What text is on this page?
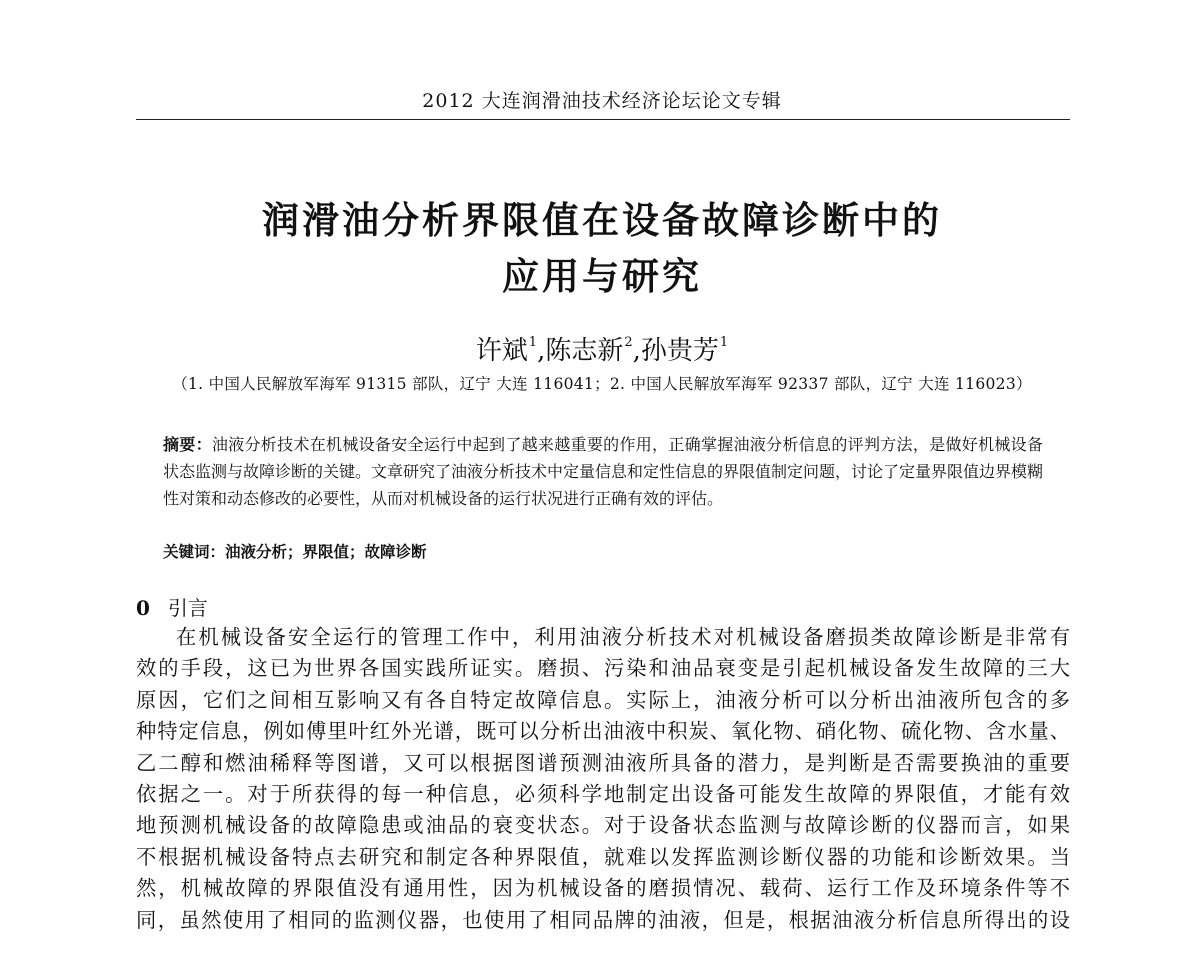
2012 大连润滑油技术经济论坛论文专辑
润滑油分析界限值在设备故障诊断中的
应用与研究
许斌$^1$,陈志新$^2$,孙贵芳$^1$
（1. 中国人民解放军海军 91315 部队，辽宁 大连 116041；2. 中国人民解放军海军 92337 部队，辽宁 大连 116023）
摘要：油液分析技术在机械设备安全运行中起到了越来越重要的作用，正确掌握油液分析信息的评判方法，是做好机械设备状态监测与故障诊断的关键。文章研究了油液分析技术中定量信息和定性信息的界限值制定问题，讨论了定量界限值边界模糊性对策和动态修改的必要性，从而对机械设备的运行状况进行正确有效的评估。
关键词：油液分析；界限值；故障诊断
0 引言
在机械设备安全运行的管理工作中，利用油液分析技术对机械设备磨损类故障诊断是非常有
效的手段，这已为世界各国实践所证实。磨损、污染和油品衰变是引起机械设备发生故障的三大
原因，它们之间相互影响又有各自特定故障信息。实际上，油液分析可以分析出油液所包含的多
种特定信息，例如傅里叶红外光谱，既可以分析出油液中积炭、氧化物、硝化物、硫化物、含水量、
乙二醇和燃油稀释等图谱，又可以根据图谱预测油液所具备的潜力，是判断是否需要换油的重要
依据之一。对于所获得的每一种信息，必须科学地制定出设备可能发生故障的界限值，才能有效
地预测机械设备的故障隐患或油品的衰变状态。对于设备状态监测与故障诊断的仪器而言，如果
不根据机械设备特点去研究和制定各种界限值，就难以发挥监测诊断仪器的功能和诊断效果。当
然，机械故障的界限值没有通用性，因为机械设备的磨损情况、载荷、运行工作及环境条件等不
同，虽然使用了相同的监测仪器，也使用了相同品牌的油液，但是，根据油液分析信息所得出的设
